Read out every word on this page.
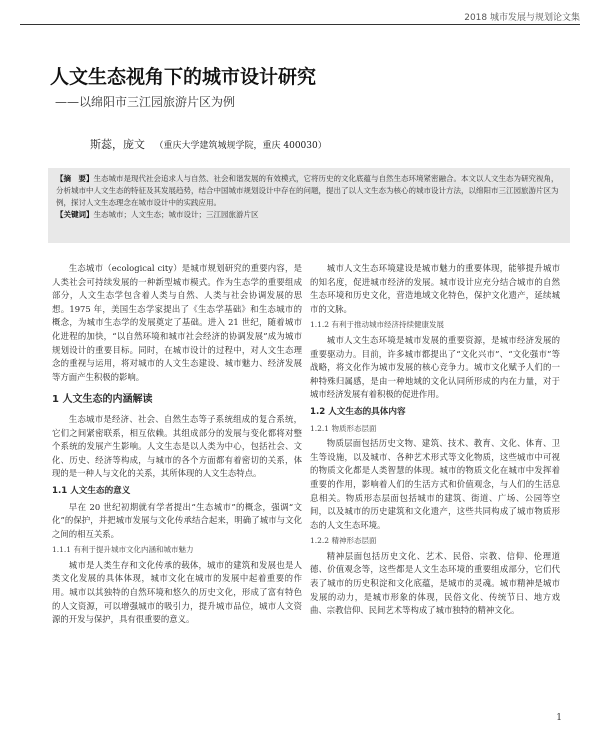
2018 城市发展与规划论文集
人文生态视角下的城市设计研究
——以绵阳市三江园旅游片区为例
斯蕊，庞文 （重庆大学建筑城规学院，重庆 400030）
【摘　要】生态城市是现代社会追求人与自然、社会和谐发展的有效模式，它将历史的文化底蕴与自然生态环境紧密融合。本文以人文生态为研究视角，分析城市中人文生态的特征及其发展趋势，结合中国城市规划设计中存在的问题，提出了以人文生态为核心的城市设计方法，以绵阳市三江园旅游片区为例，探讨人文生态理念在城市设计中的实践应用。
【关键词】生态城市；人文生态；城市设计；三江园旅游片区

生态城市（ecological city）是城市规划研究的重要内容，是人类社会可持续发展的一种新型城市模式。作为生态学的重要组成部分，人文生态学包含着人类与自然、人类与社会协调发展的思想。1975 年，美国生态学家提出了《生态学基础》和生态城市的概念，为城市生态学的发展奠定了基础。进入 21 世纪，随着城市化进程的加快，“以自然环境和城市社会经济的协调发展”成为城市规划设计的重要目标。同时，在城市设计的过程中，对人文生态理念的重视与运用，将对城市的人文生态建设、城市魅力、经济发展等方面产生积极的影响。

1 人文生态的内涵解读

生态城市是经济、社会、自然生态等子系统组成的复合系统，它们之间紧密联系，相互依赖。其组成部分的发展与变化都将对整个系统的发展产生影响。人文生态是以人类为中心，包括社会、文化、历史、经济等构成，与城市的各个方面都有着密切的关系，体现的是一种人与文化的关系，其所体现的人文生态特点。

1.1 人文生态的意义

早在 20 世纪初期就有学者提出“生态城市”的概念，强调“文化”的保护，并把城市发展与文化传承结合起来，明确了城市与文化之间的相互关系。

1.1.1 有利于提升城市文化内涵和城市魅力

城市是人类生存和文化传承的载体，城市的建筑和发展也是人类文化发展的具体体现，城市文化在城市的发展中起着重要的作用。城市以其独特的自然环境和悠久的历史文化，形成了富有特色的人文资源，可以增强城市的吸引力，提升城市品位，城市人文资源的开发与保护，具有很重要的意义。

城市人文生态环境建设是城市魅力的重要体现，能够提升城市的知名度，促进城市经济的发展。城市设计应充分结合城市的自然生态环境和历史文化，营造地域文化特色，保护文化遗产，延续城市的文脉。

1.1.2 有利于推动城市经济持续健康发展

城市人文生态环境是城市发展的重要资源，是城市经济发展的重要驱动力。目前，许多城市都提出了“文化兴市”、“文化强市”等战略，将文化作为城市发展的核心竞争力。城市文化赋予人们的一种特殊归属感，是由一种地域的文化认同所形成的内在力量，对于城市经济发展有着积极的促进作用。

1.2 人文生态的具体内容
1.2.1 物质形态层面

物质层面包括历史文物、建筑、技术、教育、文化、体育、卫生等设施，以及城市、各种艺术形式等文化物质，这些城市中可视的物质文化都是人类智慧的体现。城市的物质文化在城市中发挥着重要的作用，影响着人们的生活方式和价值观念，与人们的生活息息相关。物质形态层面包括城市的建筑、街道、广场、公园等空间，以及城市的历史建筑和文化遗产，这些共同构成了城市物质形态的人文生态环境。

1.2.2 精神形态层面

精神层面包括历史文化、艺术、民俗、宗教、信仰、伦理道德、价值观念等，这些都是人文生态环境的重要组成部分，它们代表了城市的历史积淀和文化底蕴，是城市的灵魂。城市精神是城市发展的动力，是城市形象的体现，民俗文化、传统节日、地方戏曲、宗教信仰、民间艺术等构成了城市独特的精神文化。

1
